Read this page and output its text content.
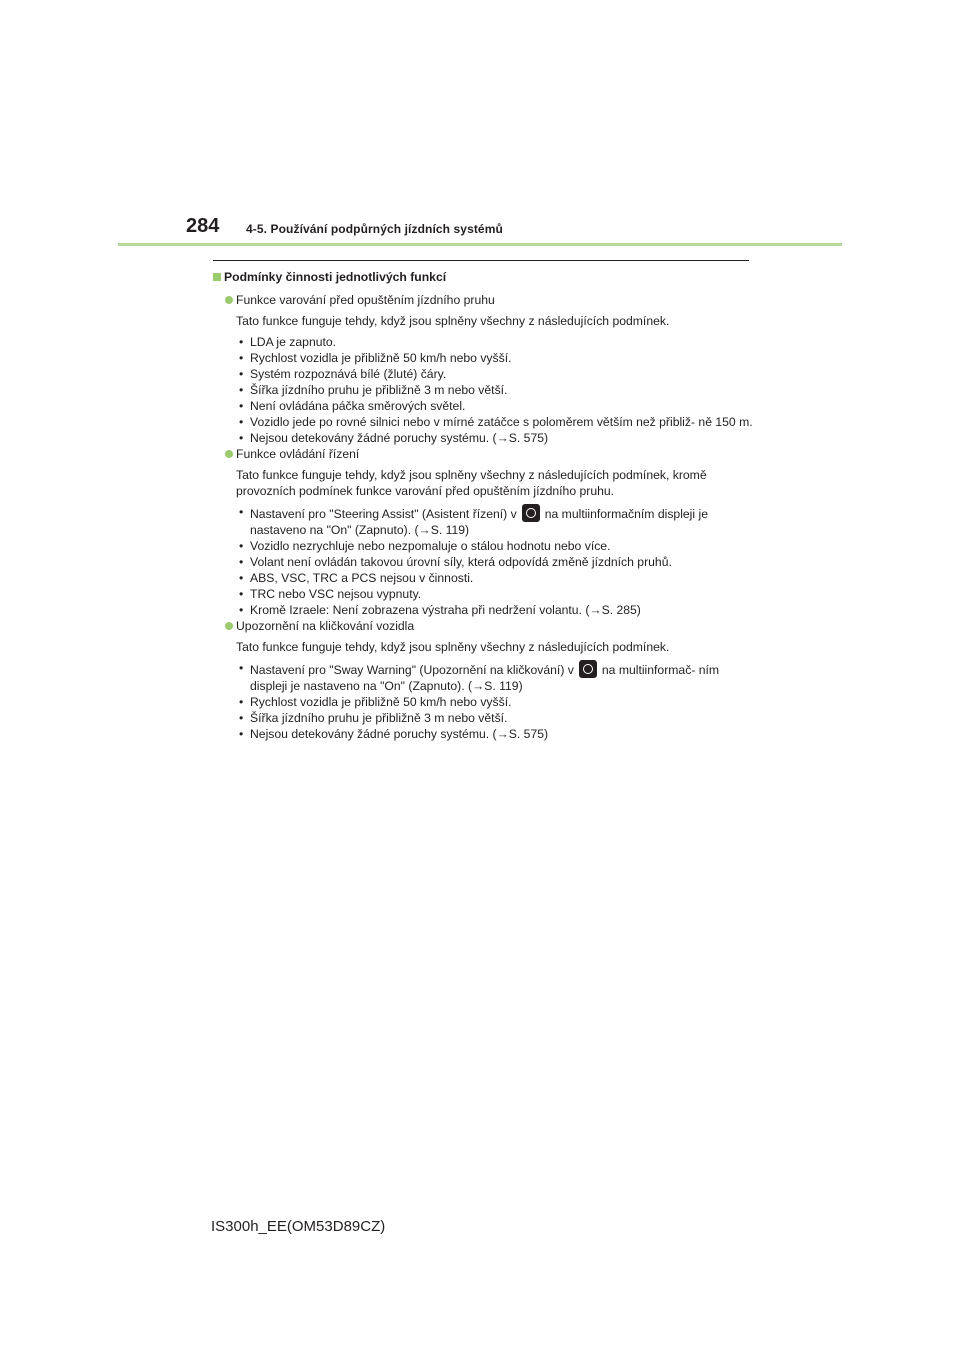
284 4-5. Používání podpůrných jízdních systémů
Podmínky činnosti jednotlivých funkcí
Funkce varování před opuštěním jízdního pruhu
Tato funkce funguje tehdy, když jsou splněny všechny z následujících podmínek.
• LDA je zapnuto.
• Rychlost vozidla je přibližně 50 km/h nebo vyšší.
• Systém rozpoznává bílé (žluté) čáry.
• Šířka jízdního pruhu je přibližně 3 m nebo větší.
• Není ovládána páčka směrových světel.
• Vozidlo jede po rovné silnici nebo v mírné zatáčce s poloměrem větším než přibliž- ně 150 m.
• Nejsou detekovány žádné poruchy systému. (→S. 575)
Funkce ovládání řízení
Tato funkce funguje tehdy, když jsou splněny všechny z následujících podmínek, kromě provozních podmínek funkce varování před opuštěním jízdního pruhu.
• Nastavení pro "Steering Assist" (Asistent řízení) v na multiinformačním displeji je nastaveno na "On" (Zapnuto). (→S. 119)
• Vozidlo nezrychluje nebo nezpomaluje o stálou hodnotu nebo více.
• Volant není ovládán takovou úrovní síly, která odpovídá změně jízdních pruhů.
• ABS, VSC, TRC a PCS nejsou v činnosti.
• TRC nebo VSC nejsou vypnuty.
• Kromě Izraele: Není zobrazena výstraha při nedržení volantu. (→S. 285)
Upozornění na kličkování vozidla
Tato funkce funguje tehdy, když jsou splněny všechny z následujících podmínek.
• Nastavení pro "Sway Warning" (Upozornění na kličkování) v na multiinformač- ním displeji je nastaveno na "On" (Zapnuto). (→S. 119)
• Rychlost vozidla je přibližně 50 km/h nebo vyšší.
• Šířka jízdního pruhu je přibližně 3 m nebo větší.
• Nejsou detekovány žádné poruchy systému. (→S. 575)
IS300h_EE(OM53D89CZ)
